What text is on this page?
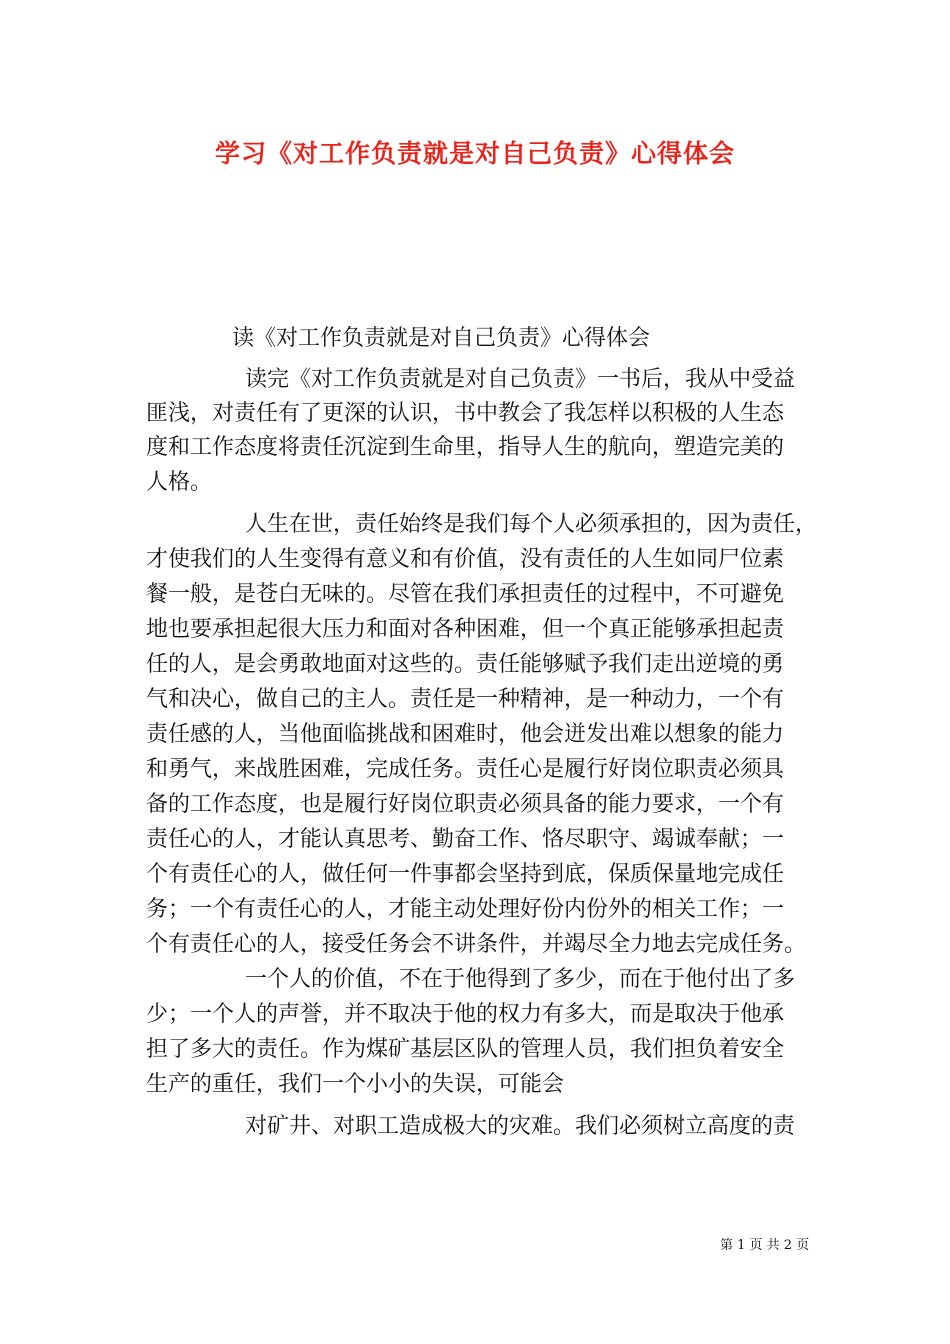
学习《对工作负责就是对自己负责》心得体会
读《对工作负责就是对自己负责》心得体会
读完《对工作负责就是对自己负责》一书后，我从中受益
匪浅，对责任有了更深的认识，书中教会了我怎样以积极的人生态
度和工作态度将责任沉淀到生命里，指导人生的航向，塑造完美的
人格。
人生在世，责任始终是我们每个人必须承担的，因为责任，
才使我们的人生变得有意义和有价值，没有责任的人生如同尸位素
餐一般，是苍白无味的。尽管在我们承担责任的过程中，不可避免
地也要承担起很大压力和面对各种困难，但一个真正能够承担起责
任的人，是会勇敢地面对这些的。责任能够赋予我们走出逆境的勇
气和决心，做自己的主人。责任是一种精神，是一种动力，一个有
责任感的人，当他面临挑战和困难时，他会迸发出难以想象的能力
和勇气，来战胜困难，完成任务。责任心是履行好岗位职责必须具
备的工作态度，也是履行好岗位职责必须具备的能力要求，一个有
责任心的人，才能认真思考、勤奋工作、恪尽职守、竭诚奉献；一
个有责任心的人，做任何一件事都会坚持到底，保质保量地完成任
务；一个有责任心的人，才能主动处理好份内份外的相关工作；一
个有责任心的人，接受任务会不讲条件，并竭尽全力地去完成任务。
一个人的价值，不在于他得到了多少，而在于他付出了多
少；一个人的声誉，并不取决于他的权力有多大，而是取决于他承
担了多大的责任。作为煤矿基层区队的管理人员，我们担负着安全
生产的重任，我们一个小小的失误，可能会
对矿井、对职工造成极大的灾难。我们必须树立高度的责
第 1 页 共 2 页
